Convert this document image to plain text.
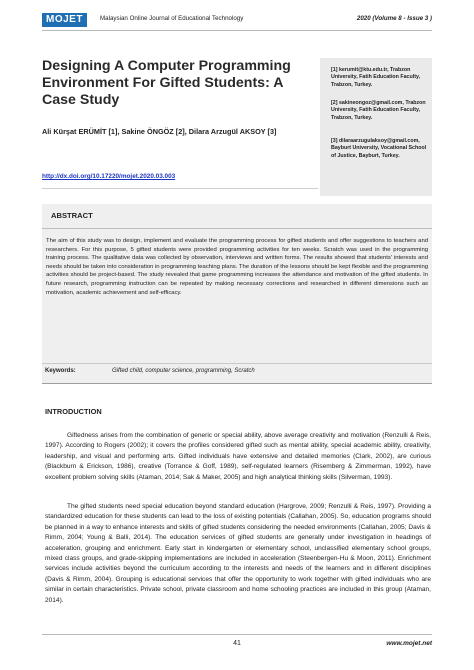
MOJET	Malaysian Online Journal of Educational Technology	2020 (Volume 8 - Issue 3 )
Designing A Computer Programming Environment For Gifted Students: A Case Study
Ali Kürşat ERÜMİT [1], Sakine ÖNGÖZ [2], Dilara Arzugül AKSOY [3]
http://dx.doi.org/10.17220/mojet.2020.03.003
[1] kerumit@ktu.edu.tr, Trabzon University, Fatih Education Faculty, Trabzon, Turkey.
[2] sakineongoz@gmail.com, Trabzon University, Fatih Education Faculty, Trabzon, Turkey.
[3] dilaraarzugulaksoy@gmail.com, Bayburt University, Vocational School of Justice, Bayburt, Turkey.
ABSTRACT
The aim of this study was to design, implement and evaluate the programming process for gifted students and offer suggestions to teachers and researchers. For this purpose, 5 gifted students were provided programming activities for ten weeks. Scratch was used in the programming training process. The qualitative data was collected by observation, interviews and written forms. The results showed that students' interests and needs should be taken into consideration in programming teaching plans. The duration of the lessons should be kept flexible and the programming activities should be project-based. The study revealed that game programming increases the attendance and motivation of the gifted students. In future research, programming instruction can be repeated by making necessary corrections and researched in different dimensions such as motivation, academic achievement and self-efficacy.
Keywords:	Gifted child, computer science, programming, Scratch
INTRODUCTION

Giftedness arises from the combination of generic or special ability, above average creativity and motivation (Renzulli & Reis, 1997). According to Rogers (2002); it covers the profiles considered gifted such as mental ability, special academic ability, creativity, leadership, and visual and performing arts. Gifted individuals have extensive and detailed memories (Clark, 2002), are curious (Blackburn & Erickson, 1986), creative (Torrance & Goff, 1989), self-regulated learners (Risemberg & Zimmerman, 1992), have excellent problem solving skills (Ataman, 2014; Sak & Maker, 2005) and high analytical thinking skills (Silverman, 1993).

The gifted students need special education beyond standard education (Hargrove, 2009; Renzulli & Reis, 1997). Providing a standardized education for these students can lead to the loss of existing potentials (Callahan, 2005). So, education programs should be planned in a way to enhance interests and skills of gifted students considering the needed environments (Callahan, 2005; Davis & Rimm, 2004; Young & Balli, 2014). The education services of gifted students are generally under investigation in headings of acceleration, grouping and enrichment. Early start in kindergarten or elementary school, unclassified elementary school groups, mixed class groups, and grade-skipping implementations are included in acceleration (Steenbergen-Hu & Moon, 2011). Enrichment services include activities beyond the curriculum according to the interests and needs of the learners and in different disciplines (Davis & Rimm, 2004). Grouping is educational services that offer the opportunity to work together with gifted individuals who are similar in certain characteristics. Private school, private classroom and home schooling practices are included in this group (Ataman, 2014).

41	www.mojet.net
